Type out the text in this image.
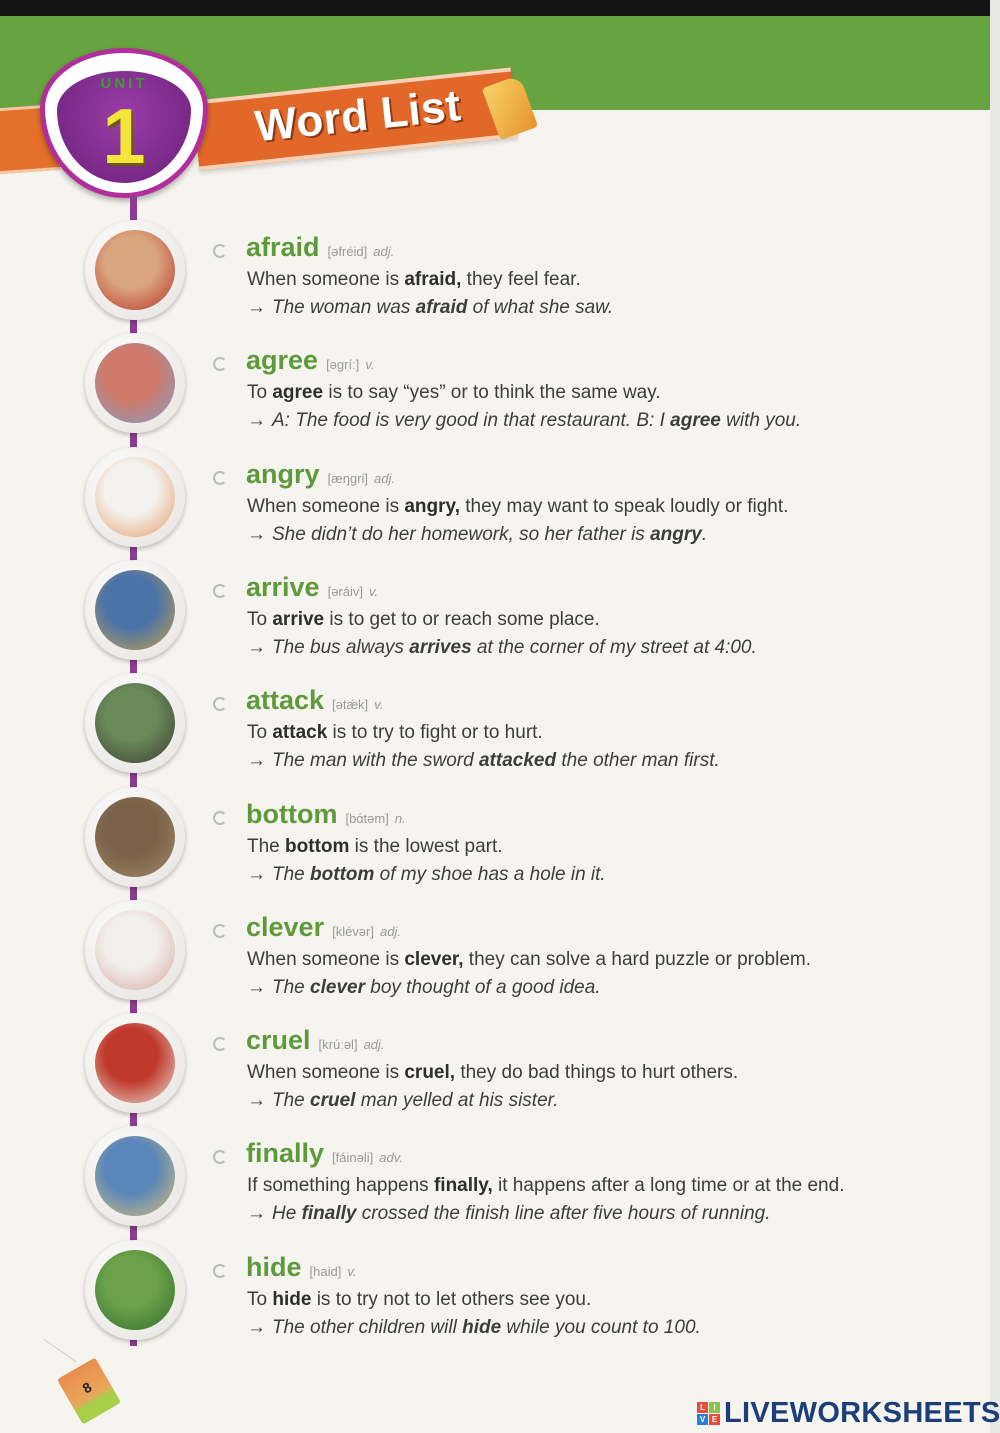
Word List
UNIT
1
afraid [əfréid] adj.
When someone is afraid, they feel fear.
→ The woman was afraid of what she saw.
agree [əgríː] v.
To agree is to say “yes” or to think the same way.
→ A: The food is very good in that restaurant. B: I agree with you.
angry [æŋgri] adj.
When someone is angry, they may want to speak loudly or fight.
→ She didn’t do her homework, so her father is angry.
arrive [əráiv] v.
To arrive is to get to or reach some place.
→ The bus always arrives at the corner of my street at 4:00.
attack [ətǽk] v.
To attack is to try to fight or to hurt.
→ The man with the sword attacked the other man first.
bottom [bɑ́təm] n.
The bottom is the lowest part.
→ The bottom of my shoe has a hole in it.
clever [klévər] adj.
When someone is clever, they can solve a hard puzzle or problem.
→ The clever boy thought of a good idea.
cruel [krúːəl] adj.
When someone is cruel, they do bad things to hurt others.
→ The cruel man yelled at his sister.
finally [fáinəli] adv.
If something happens finally, it happens after a long time or at the end.
→ He finally crossed the finish line after five hours of running.
hide [haid] v.
To hide is to try not to let others see you.
→ The other children will hide while you count to 100.
8
L	I
V E LIVEWORKSHEETS
